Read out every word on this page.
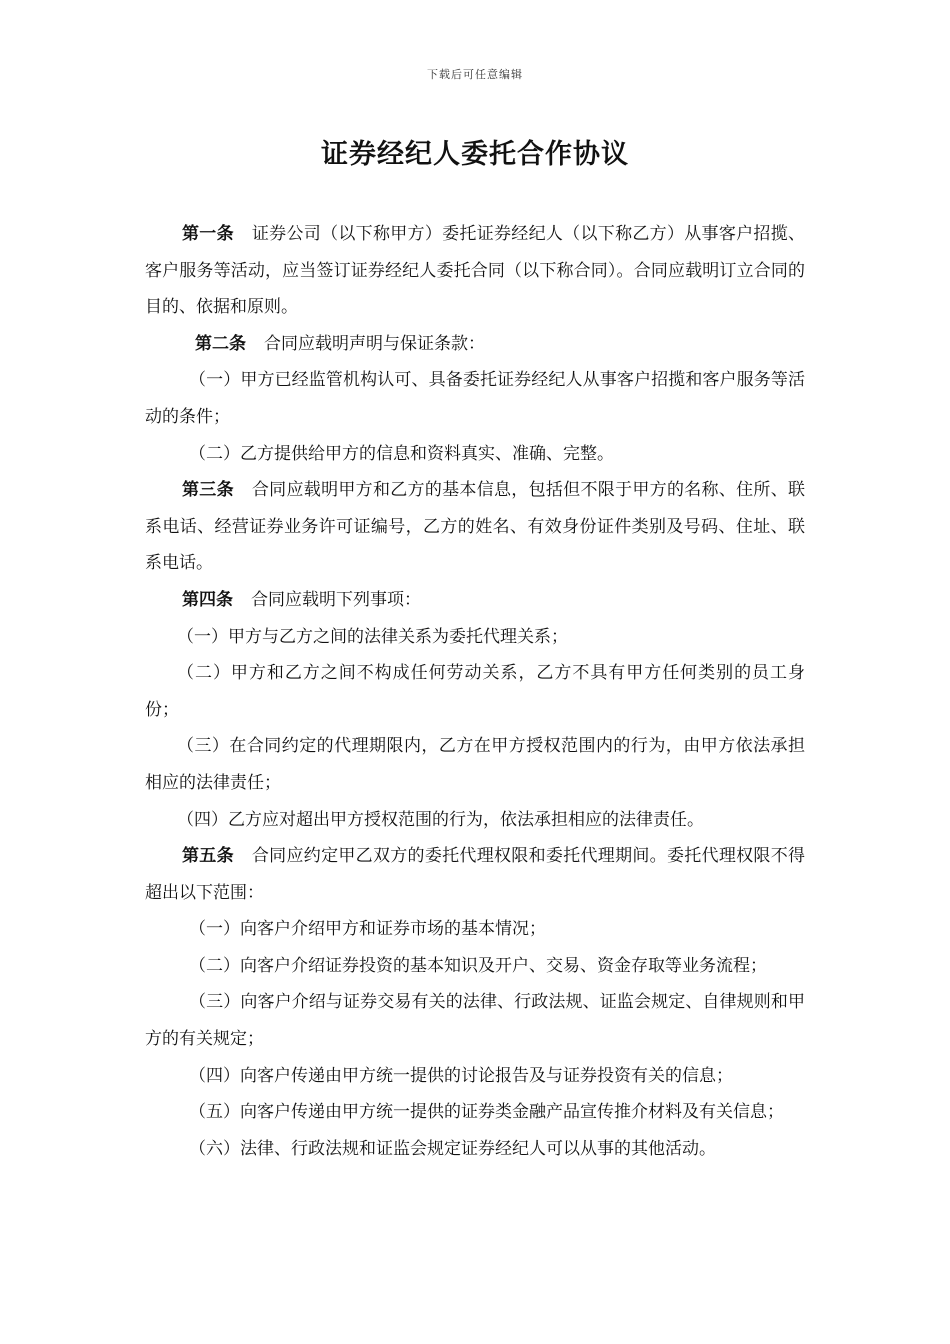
下载后可任意编辑
证券经纪人委托合作协议

第一条 证券公司（以下称甲方）委托证券经纪人（以下称乙方）从事客户招揽、客户服务等活动，应当签订证券经纪人委托合同（以下称合同）。合同应载明订立合同的目的、依据和原则。

第二条 合同应载明声明与保证条款：

（一）甲方已经监管机构认可、具备委托证券经纪人从事客户招揽和客户服务等活动的条件；

（二）乙方提供给甲方的信息和资料真实、准确、完整。

第三条 合同应载明甲方和乙方的基本信息，包括但不限于甲方的名称、住所、联系电话、经营证券业务许可证编号，乙方的姓名、有效身份证件类别及号码、住址、联系电话。

第四条 合同应载明下列事项：

（一）甲方与乙方之间的法律关系为委托代理关系；

（二）甲方和乙方之间不构成任何劳动关系，乙方不具有甲方任何类别的员工身份；

（三）在合同约定的代理期限内，乙方在甲方授权范围内的行为，由甲方依法承担相应的法律责任；

（四）乙方应对超出甲方授权范围的行为，依法承担相应的法律责任。

第五条 合同应约定甲乙双方的委托代理权限和委托代理期间。委托代理权限不得超出以下范围：

（一）向客户介绍甲方和证券市场的基本情况；

（二）向客户介绍证券投资的基本知识及开户、交易、资金存取等业务流程；

（三）向客户介绍与证券交易有关的法律、行政法规、证监会规定、自律规则和甲方的有关规定；

（四）向客户传递由甲方统一提供的讨论报告及与证券投资有关的信息；

（五）向客户传递由甲方统一提供的证券类金融产品宣传推介材料及有关信息；

（六）法律、行政法规和证监会规定证券经纪人可以从事的其他活动。
